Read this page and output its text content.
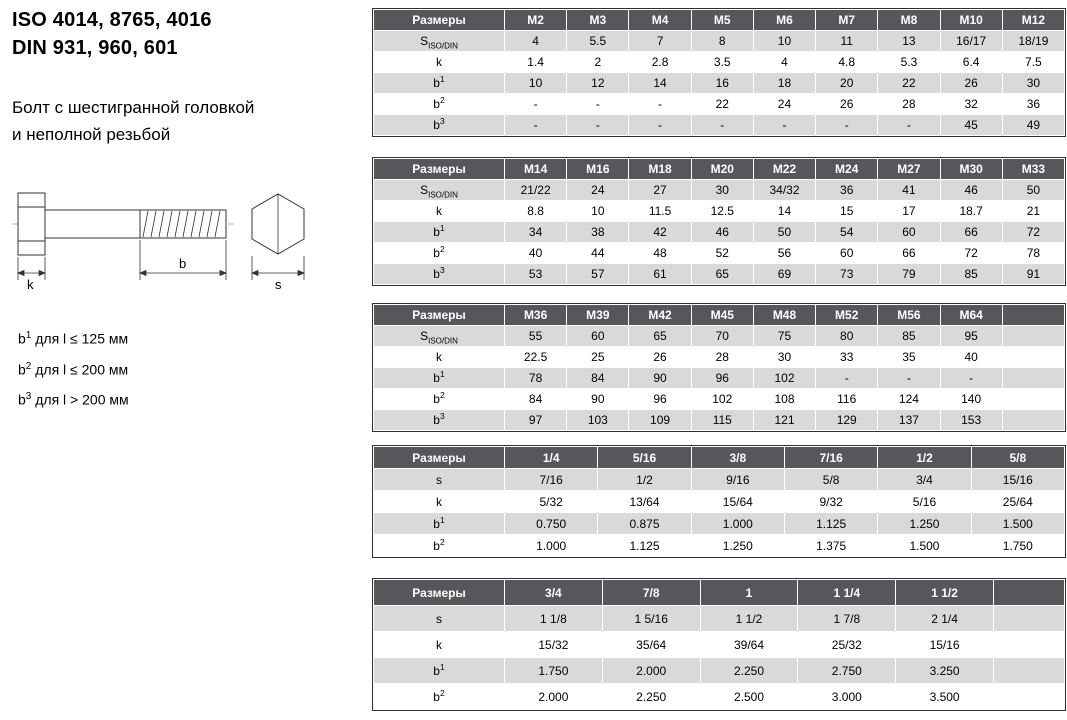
ISO 4014, 8765, 4016
DIN 931, 960, 601
Болт с шестигранной головкой
и неполной резьбой
k
b
s
$b^1$ для l ≤ 125 мм
$b^2$ для l ≤ 200 мм
$b^3$ для l > 200 мм
Размеры	M2	M3	M4	M5	M6	M7	M8	M10	M12
$S_{ISO/DIN}$	4	5.5	7	8	10	11	13	16/17	18/19
k	1.4	2	2.8	3.5	4	4.8	5.3	6.4	7.5
$b^1$	10	12	14	16	18	20	22	26	30
$b^2$	-	-	-	22	24	26	28	32	36
$b^3$	-	-	-	-	-	-	-	45	49
Размеры	M14	M16	M18	M20	M22	M24	M27	M30	M33
$S_{ISO/DIN}$	21/22	24	27	30	34/32	36	41	46	50
k	8.8	10	11.5	12.5	14	15	17	18.7	21
$b^1$	34	38	42	46	50	54	60	66	72
$b^2$	40	44	48	52	56	60	66	72	78
$b^3$	53	57	61	65	69	73	79	85	91
Размеры	M36	M39	M42	M45	M48	M52	M56	M64	
$S_{ISO/DIN}$	55	60	65	70	75	80	85	95	
k	22.5	25	26	28	30	33	35	40	
$b^1$	78	84	90	96	102	-	-	-	
$b^2$	84	90	96	102	108	116	124	140	
$b^3$	97	103	109	115	121	129	137	153	
Размеры	1/4	5/16	3/8	7/16	1/2	5/8
s	7/16	1/2	9/16	5/8	3/4	15/16
k	5/32	13/64	15/64	9/32	5/16	25/64
$b^1$	0.750	0.875	1.000	1.125	1.250	1.500
$b^2$	1.000	1.125	1.250	1.375	1.500	1.750
Размеры	3/4	7/8	1	1 1/4	1 1/2	
s	1 1/8	1 5/16	1 1/2	1 7/8	2 1/4	
k	15/32	35/64	39/64	25/32	15/16	
$b^1$	1.750	2.000	2.250	2.750	3.250	
$b^2$	2.000	2.250	2.500	3.000	3.500	
